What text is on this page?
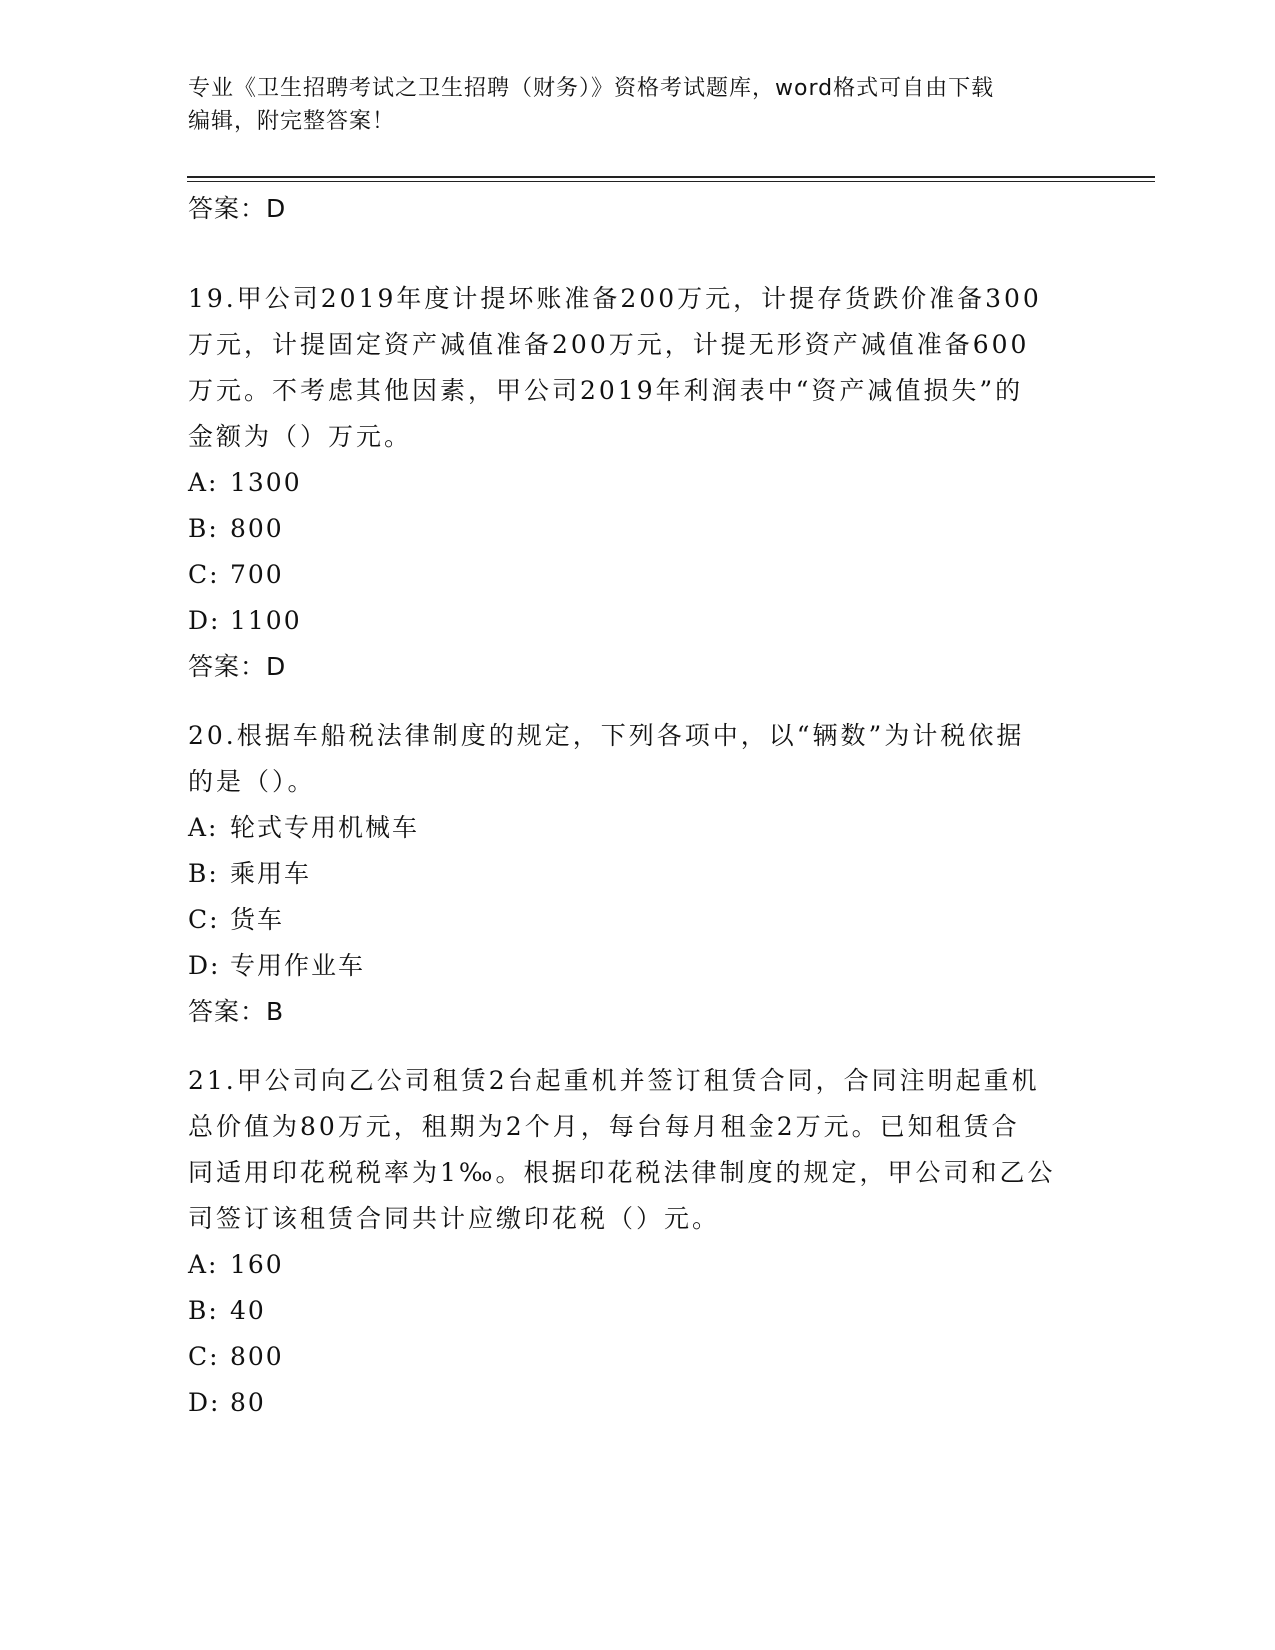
专业《卫生招聘考试之卫生招聘（财务）》资格考试题库，word格式可自由下载
编辑，附完整答案！
答案：D

19.甲公司2019年度计提坏账准备200万元，计提存货跌价准备300

万元，计提固定资产减值准备200万元，计提无形资产减值准备600

万元。不考虑其他因素，甲公司2019年利润表中“资产减值损失”的

金额为（）万元。

A: 1300
B: 800
C: 700
D: 1100
答案：D

20.根据车船税法律制度的规定，下列各项中，以“辆数”为计税依据

的是（）。

A: 轮式专用机械车
B: 乘用车
C: 货车
D: 专用作业车
答案：B

21.甲公司向乙公司租赁2台起重机并签订租赁合同，合同注明起重机

总价值为80万元，租期为2个月，每台每月租金2万元。已知租赁合

同适用印花税税率为1‰。根据印花税法律制度的规定，甲公司和乙公

司签订该租赁合同共计应缴印花税（）元。

A: 160
B: 40
C: 800
D: 80
